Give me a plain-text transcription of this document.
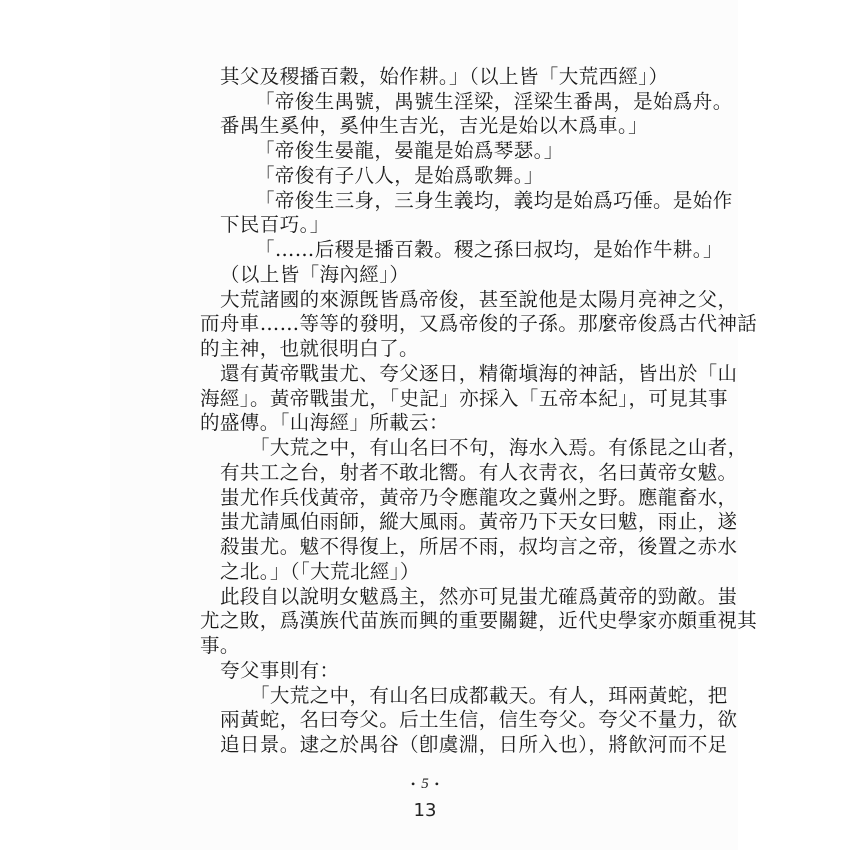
其父及稷播百穀，始作耕。」（以上皆「大荒西經」）
「帝俊生禺號，禺號生淫梁，淫梁生番禺，是始爲舟。
番禺生奚仲，奚仲生吉光，吉光是始以木爲車。」
「帝俊生晏龍，晏龍是始爲琴瑟。」
「帝俊有子八人，是始爲歌舞。」
「帝俊生三身，三身生義均，義均是始爲巧倕。是始作
下民百巧。」
「……后稷是播百穀。稷之孫曰叔均，是始作牛耕。」
（以上皆「海內經」）
大荒諸國的來源旣皆爲帝俊，甚至說他是太陽月亮神之父，
而舟車……等等的發明，又爲帝俊的子孫。那麼帝俊爲古代神話
的主神，也就很明白了。
還有黃帝戰蚩尤、夸父逐日，精衛塡海的神話，皆出於「山
海經」。黃帝戰蚩尤，「史記」亦採入「五帝本紀」，可見其事
的盛傳。「山海經」所載云：
「大荒之中，有山名曰不句，海水入焉。有係昆之山者，
有共工之台，射者不敢北嚮。有人衣靑衣，名曰黃帝女魃。
蚩尤作兵伐黃帝，黃帝乃令應龍攻之冀州之野。應龍畜水，
蚩尤請風伯雨師，縱大風雨。黃帝乃下天女曰魃，雨止，遂
殺蚩尤。魃不得復上，所居不雨，叔均言之帝，後置之赤水
之北。」（「大荒北經」）
此段自以說明女魃爲主，然亦可見蚩尤確爲黃帝的勁敵。蚩
尤之敗，爲漢族代苗族而興的重要關鍵，近代史學家亦頗重視其
事。
夸父事則有：
「大荒之中，有山名曰成都載天。有人，珥兩黃蛇，把
兩黃蛇，名曰夸父。后土生信，信生夸父。夸父不量力，欲
追日景。逮之於禺谷（卽虞淵，日所入也），將飮河而不足
• 5 •
13
